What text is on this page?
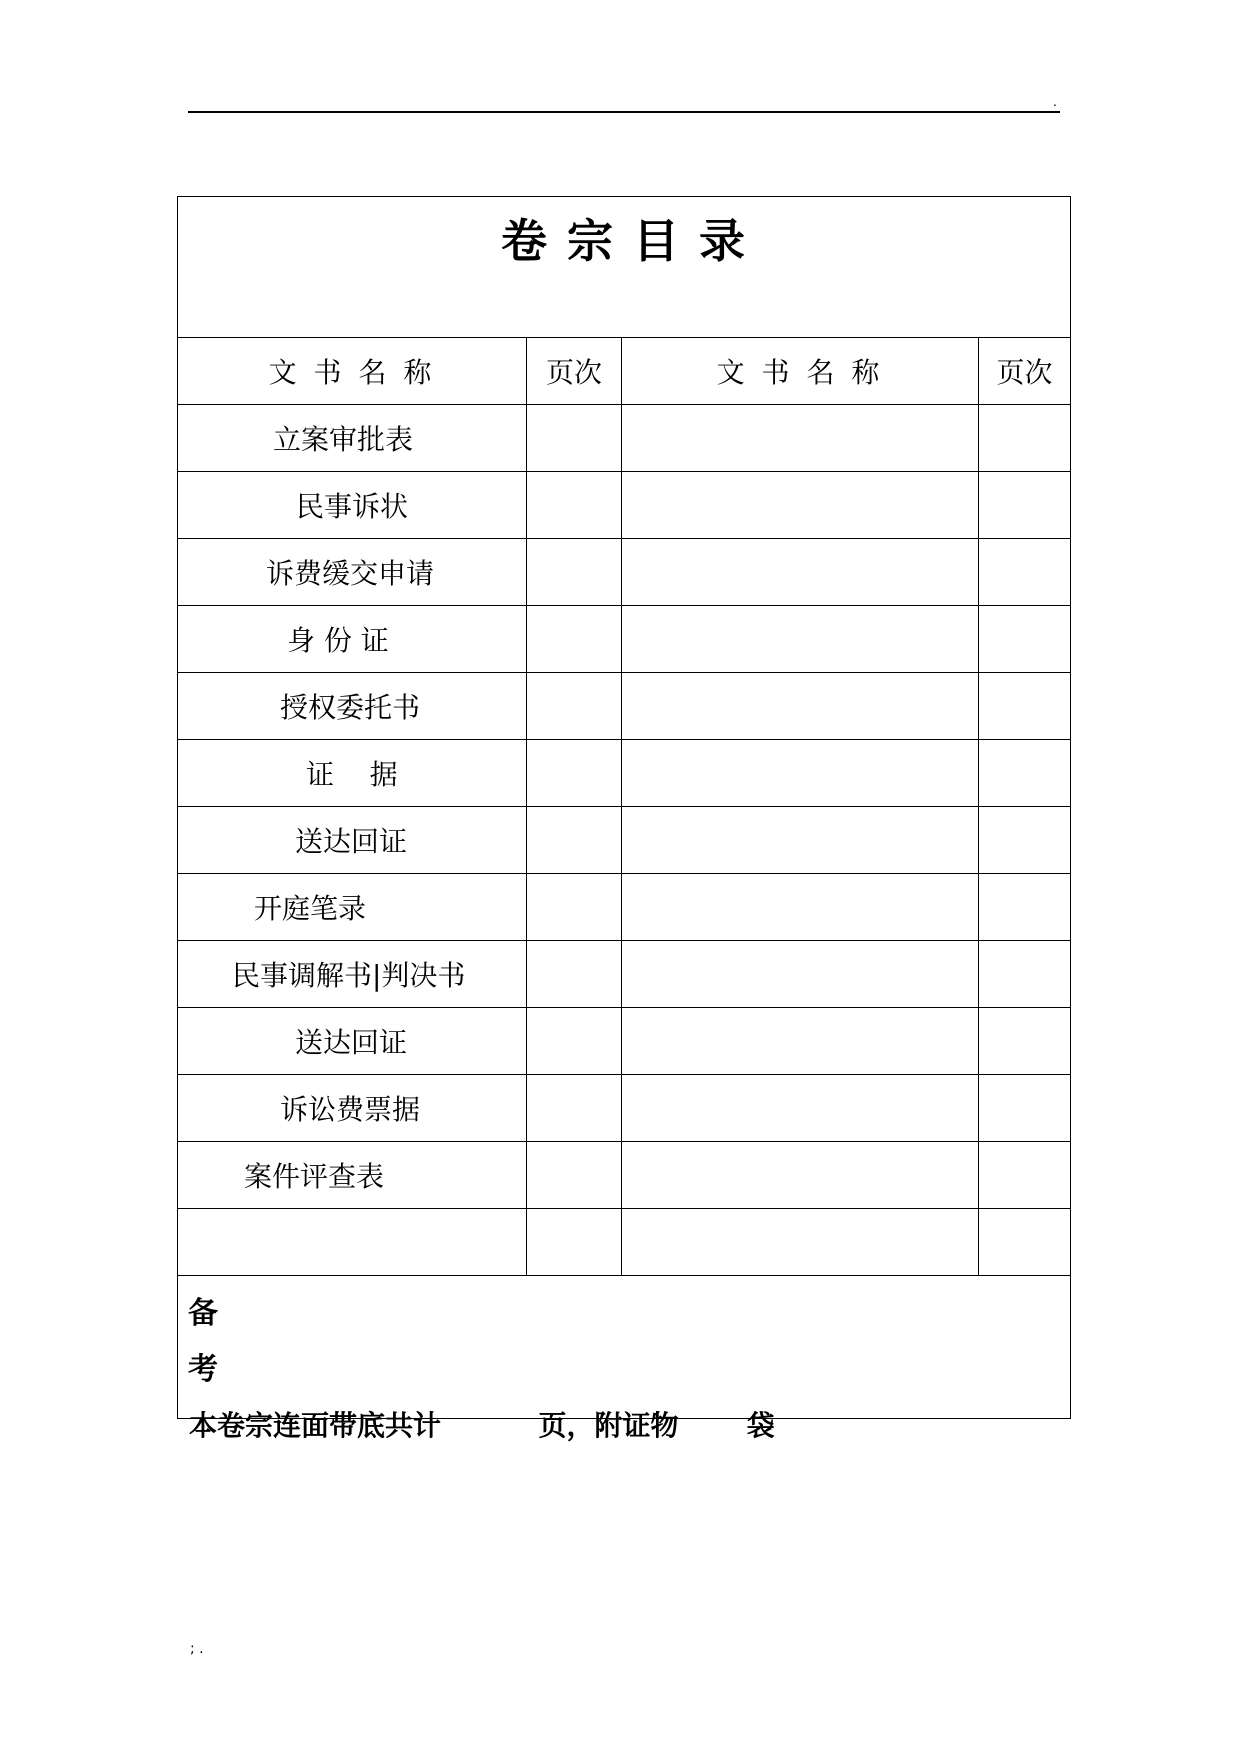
.
卷 宗 目 录			
文 书 名 称	页次	文 书 名 称	页次
立案审批表			
民事诉状			
诉费缓交申请			
身 份 证			
授权委托书			
证    据			
送达回证			
开庭笔录			
民事调解书|判决书			
送达回证			
诉讼费票据			
案件评查表			

备
考			
本卷宗连面带底共计          页，附证物       袋
; .
